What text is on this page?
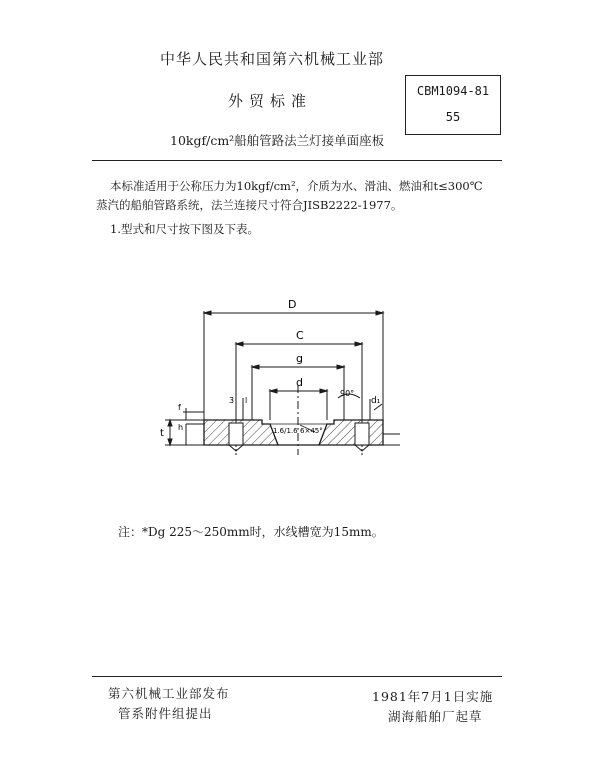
中华人民共和国第六机械工业部
外贸标准
10kgf/cm²船舶管路法兰灯接单面座板
CBM1094-81
55
本标准适用于公称压力为10kgf/cm²，介质为水、滑油、燃油和t≤300℃
蒸汽的船舶管路系统，法兰连接尺寸符合JISB2222-1977。
1.型式和尺寸按下图及下表。
D
C
g
d
t
f
h
3 l
90°
d₁
6×45°
1.6/1.6
注：*Dg 225～250mm时，水线槽宽为15mm。
第六机械工业部发布
管系附件组提出
1981年7月1日实施
湖海船舶厂起草
